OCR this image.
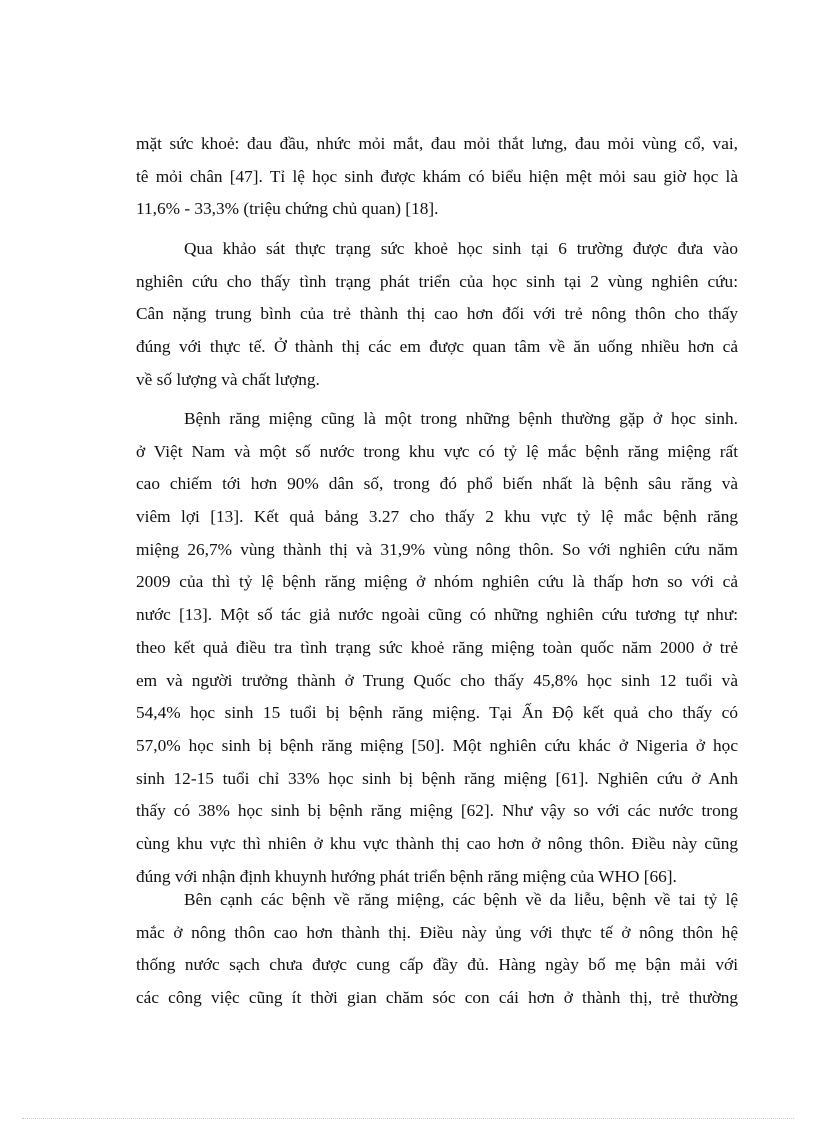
mặt sức khoẻ: đau đầu, nhức mỏi mắt, đau mỏi thắt lưng, đau mỏi vùng cổ, vai,
tê mỏi chân [47]. Tỉ lệ học sinh được khám có biểu hiện mệt mỏi sau giờ học là
11,6% - 33,3% (triệu chứng chủ quan) [18].
Qua khảo sát thực trạng sức khoẻ học sinh tại 6 trường được đưa vào
nghiên cứu cho thấy tình trạng phát triển của học sinh tại 2 vùng nghiên cứu:
Cân nặng trung bình của trẻ thành thị cao hơn đối với trẻ nông thôn cho thấy
đúng với thực tế. Ở thành thị các em được quan tâm về ăn uống nhiều hơn cả
về số lượng và chất lượng.
Bệnh răng miệng cũng là một trong những bệnh thường gặp ở học sinh.
ở Việt Nam và một số nước trong khu vực có tỷ lệ mắc bệnh răng miệng rất
cao chiếm tới hơn 90% dân số, trong đó phổ biến nhất là bệnh sâu răng và
viêm lợi [13]. Kết quả bảng 3.27 cho thấy 2 khu vực tỷ lệ mắc bệnh răng
miệng 26,7% vùng thành thị và 31,9% vùng nông thôn. So với nghiên cứu năm
2009 của thì tỷ lệ bệnh răng miệng ở nhóm nghiên cứu là thấp hơn so với cả
nước [13]. Một số tác giả nước ngoài cũng có những nghiên cứu tương tự như:
theo kết quả điều tra tình trạng sức khoẻ răng miệng toàn quốc năm 2000 ở trẻ
em và người trưởng thành ở Trung Quốc cho thấy 45,8% học sinh 12 tuổi và
54,4% học sinh 15 tuổi bị bệnh răng miệng. Tại Ấn Độ kết quả cho thấy có
57,0% học sinh bị bệnh răng miệng [50]. Một nghiên cứu khác ở Nigeria ở học
sinh 12-15 tuổi chỉ 33% học sinh bị bệnh răng miệng [61]. Nghiên cứu ở Anh
thấy có 38% học sinh bị bệnh răng miệng [62]. Như vậy so với các nước trong
cùng khu vực thì nhiên ở khu vực thành thị cao hơn ở nông thôn. Điều này cũng
đúng với nhận định khuynh hướng phát triển bệnh răng miệng của WHO [66].
Bên cạnh các bệnh về răng miệng, các bệnh về da liễu, bệnh về tai tỷ lệ
mắc ở nông thôn cao hơn thành thị. Điều này ủng với thực tế ở nông thôn hệ
thống nước sạch chưa được cung cấp đầy đủ. Hàng ngày bố mẹ bận mải với
các công việc cũng ít thời gian chăm sóc con cái hơn ở thành thị, trẻ thường
